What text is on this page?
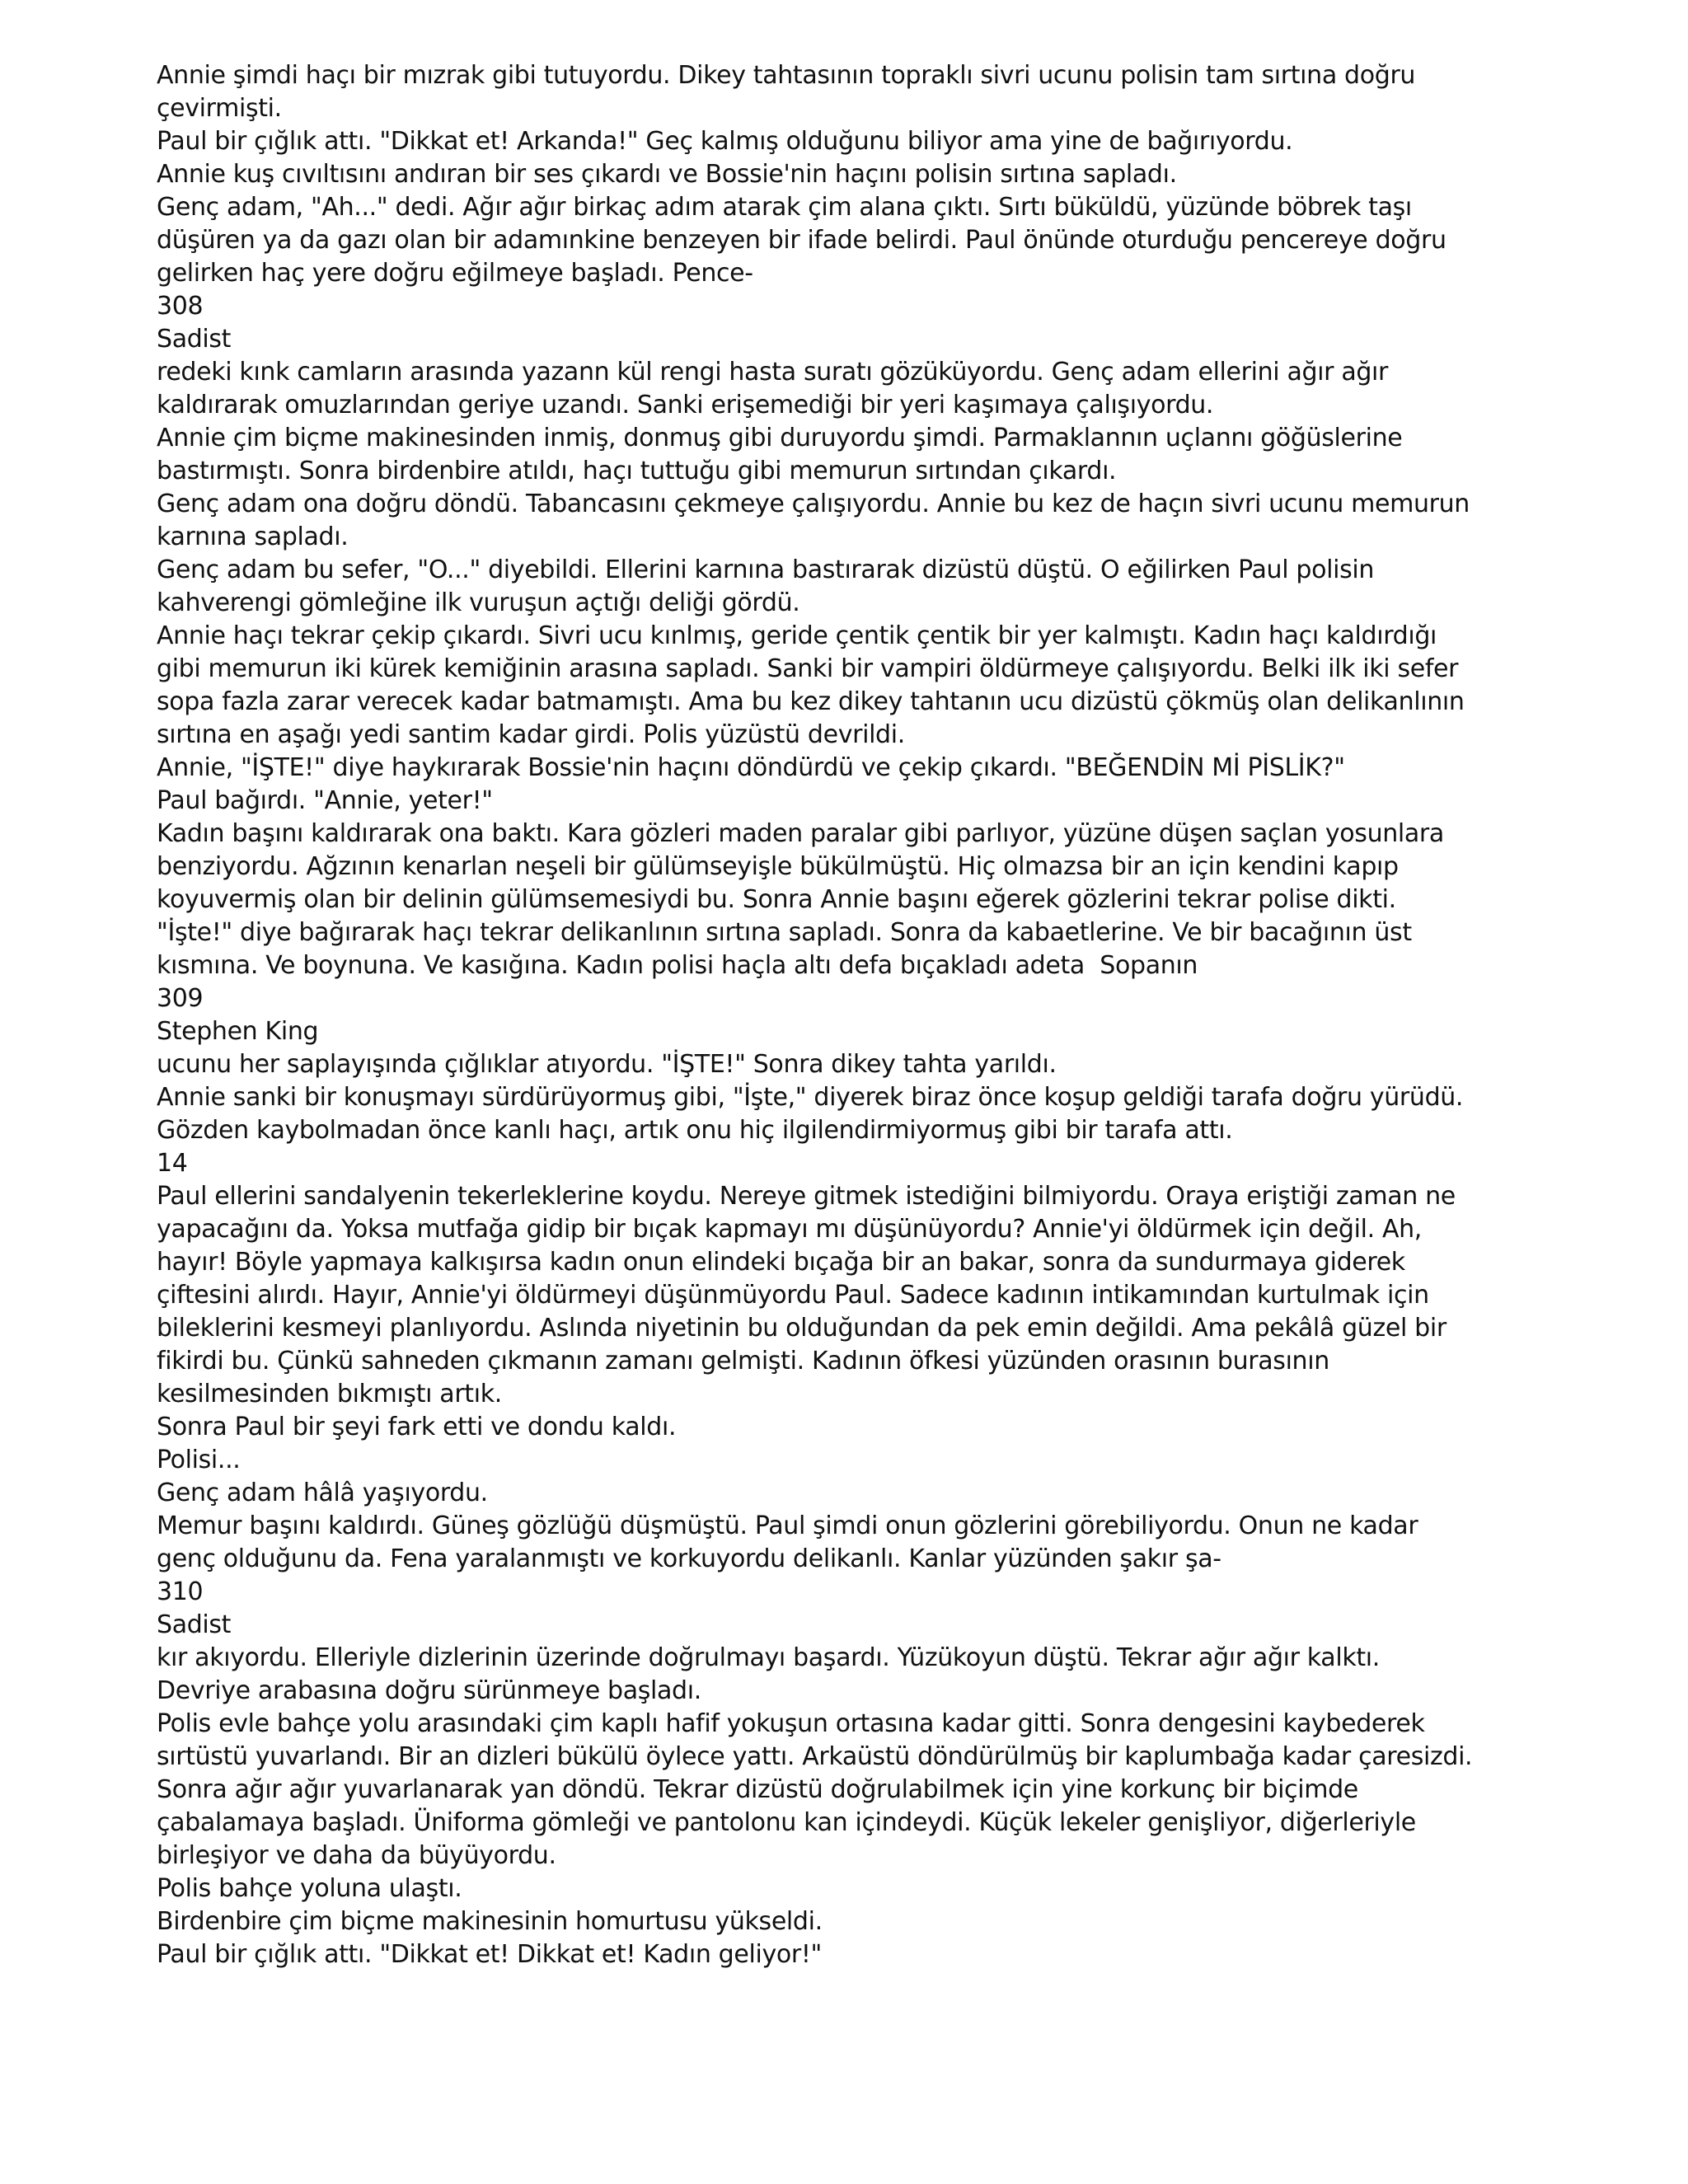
Annie şimdi haçı bir mızrak gibi tutuyordu. Dikey tahtasının topraklı sivri ucunu polisin tam sırtına doğru
çevirmişti.
Paul bir çığlık attı. "Dikkat et! Arkanda!" Geç kalmış olduğunu biliyor ama yine de bağırıyordu.
Annie kuş cıvıltısını andıran bir ses çıkardı ve Bossie'nin haçını polisin sırtına sapladı.
Genç adam, "Ah..." dedi. Ağır ağır birkaç adım atarak çim alana çıktı. Sırtı büküldü, yüzünde böbrek taşı
düşüren ya da gazı olan bir adamınkine benzeyen bir ifade belirdi. Paul önünde oturduğu pencereye doğru
gelirken haç yere doğru eğilmeye başladı. Pence-
308
Sadist
redeki kınk camların arasında yazann kül rengi hasta suratı gözüküyordu. Genç adam ellerini ağır ağır
kaldırarak omuzlarından geriye uzandı. Sanki erişemediği bir yeri kaşımaya çalışıyordu.
Annie çim biçme makinesinden inmiş, donmuş gibi duruyordu şimdi. Parmaklannın uçlannı göğüslerine
bastırmıştı. Sonra birdenbire atıldı, haçı tuttuğu gibi memurun sırtından çıkardı.
Genç adam ona doğru döndü. Tabancasını çekmeye çalışıyordu. Annie bu kez de haçın sivri ucunu memurun
karnına sapladı.
Genç adam bu sefer, "O..." diyebildi. Ellerini karnına bastırarak dizüstü düştü. O eğilirken Paul polisin
kahverengi gömleğine ilk vuruşun açtığı deliği gördü.
Annie haçı tekrar çekip çıkardı. Sivri ucu kınlmış, geride çentik çentik bir yer kalmıştı. Kadın haçı kaldırdığı
gibi memurun iki kürek kemiğinin arasına sapladı. Sanki bir vampiri öldürmeye çalışıyordu. Belki ilk iki sefer
sopa fazla zarar verecek kadar batmamıştı. Ama bu kez dikey tahtanın ucu dizüstü çökmüş olan delikanlının
sırtına en aşağı yedi santim kadar girdi. Polis yüzüstü devrildi.
Annie, "İŞTE!" diye haykırarak Bossie'nin haçını döndürdü ve çekip çıkardı. "BEĞENDİN Mİ PİSLİK?"
Paul bağırdı. "Annie, yeter!"
Kadın başını kaldırarak ona baktı. Kara gözleri maden paralar gibi parlıyor, yüzüne düşen saçlan yosunlara
benziyordu. Ağzının kenarlan neşeli bir gülümseyişle bükülmüştü. Hiç olmazsa bir an için kendini kapıp
koyuvermiş olan bir delinin gülümsemesiydi bu. Sonra Annie başını eğerek gözlerini tekrar polise dikti.
"İşte!" diye bağırarak haçı tekrar delikanlının sırtına sapladı. Sonra da kabaetlerine. Ve bir bacağının üst
kısmına. Ve boynuna. Ve kasığına. Kadın polisi haçla altı defa bıçakladı adeta  Sopanın
309
Stephen King
ucunu her saplayışında çığlıklar atıyordu. "İŞTE!" Sonra dikey tahta yarıldı.
Annie sanki bir konuşmayı sürdürüyormuş gibi, "İşte," diyerek biraz önce koşup geldiği tarafa doğru yürüdü.
Gözden kaybolmadan önce kanlı haçı, artık onu hiç ilgilendirmiyormuş gibi bir tarafa attı.
14
Paul ellerini sandalyenin tekerleklerine koydu. Nereye gitmek istediğini bilmiyordu. Oraya eriştiği zaman ne
yapacağını da. Yoksa mutfağa gidip bir bıçak kapmayı mı düşünüyordu? Annie'yi öldürmek için değil. Ah,
hayır! Böyle yapmaya kalkışırsa kadın onun elindeki bıçağa bir an bakar, sonra da sundurmaya giderek
çiftesini alırdı. Hayır, Annie'yi öldürmeyi düşünmüyordu Paul. Sadece kadının intikamından kurtulmak için
bileklerini kesmeyi planlıyordu. Aslında niyetinin bu olduğundan da pek emin değildi. Ama pekâlâ güzel bir
fikirdi bu. Çünkü sahneden çıkmanın zamanı gelmişti. Kadının öfkesi yüzünden orasının burasının
kesilmesinden bıkmıştı artık.
Sonra Paul bir şeyi fark etti ve dondu kaldı.
Polisi...
Genç adam hâlâ yaşıyordu.
Memur başını kaldırdı. Güneş gözlüğü düşmüştü. Paul şimdi onun gözlerini görebiliyordu. Onun ne kadar
genç olduğunu da. Fena yaralanmıştı ve korkuyordu delikanlı. Kanlar yüzünden şakır şa-
310
Sadist
kır akıyordu. Elleriyle dizlerinin üzerinde doğrulmayı başardı. Yüzükoyun düştü. Tekrar ağır ağır kalktı.
Devriye arabasına doğru sürünmeye başladı.
Polis evle bahçe yolu arasındaki çim kaplı hafif yokuşun ortasına kadar gitti. Sonra dengesini kaybederek
sırtüstü yuvarlandı. Bir an dizleri bükülü öylece yattı. Arkaüstü döndürülmüş bir kaplumbağa kadar çaresizdi.
Sonra ağır ağır yuvarlanarak yan döndü. Tekrar dizüstü doğrulabilmek için yine korkunç bir biçimde
çabalamaya başladı. Üniforma gömleği ve pantolonu kan içindeydi. Küçük lekeler genişliyor, diğerleriyle
birleşiyor ve daha da büyüyordu.
Polis bahçe yoluna ulaştı.
Birdenbire çim biçme makinesinin homurtusu yükseldi.
Paul bir çığlık attı. "Dikkat et! Dikkat et! Kadın geliyor!"
